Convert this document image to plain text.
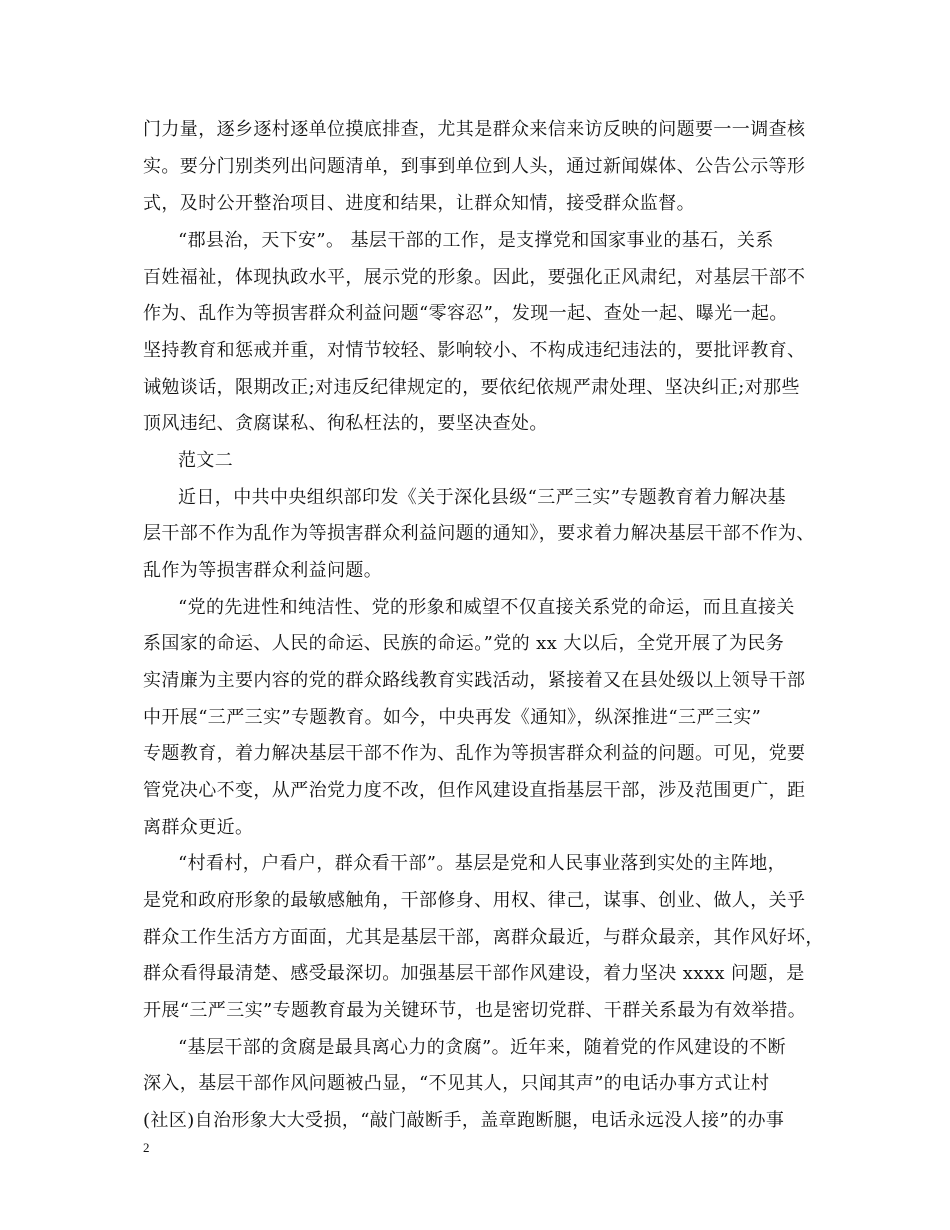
门力量，逐乡逐村逐单位摸底排查，尤其是群众来信来访反映的问题要一一调查核
实。要分门别类列出问题清单，到事到单位到人头，通过新闻媒体、公告公示等形
式，及时公开整治项目、进度和结果，让群众知情，接受群众监督。
“郡县治，天下安”。 基层干部的工作，是支撑党和国家事业的基石，关系
百姓福祉，体现执政水平，展示党的形象。因此，要强化正风肃纪，对基层干部不
作为、乱作为等损害群众利益问题“零容忍”，发现一起、查处一起、曝光一起。
坚持教育和惩戒并重，对情节较轻、影响较小、不构成违纪违法的，要批评教育、
诫勉谈话，限期改正;对违反纪律规定的，要依纪依规严肃处理、坚决纠正;对那些
顶风违纪、贪腐谋私、徇私枉法的，要坚决查处。
范文二
近日，中共中央组织部印发《关于深化县级“三严三实”专题教育着力解决基
层干部不作为乱作为等损害群众利益问题的通知》，要求着力解决基层干部不作为、
乱作为等损害群众利益问题。
“党的先进性和纯洁性、党的形象和威望不仅直接关系党的命运，而且直接关
系国家的命运、人民的命运、民族的命运。”党的 xx 大以后，全党开展了为民务
实清廉为主要内容的党的群众路线教育实践活动，紧接着又在县处级以上领导干部
中开展“三严三实”专题教育。如今，中央再发《通知》，纵深推进“三严三实”
专题教育，着力解决基层干部不作为、乱作为等损害群众利益的问题。可见，党要
管党决心不变，从严治党力度不改，但作风建设直指基层干部，涉及范围更广，距
离群众更近。
“村看村，户看户，群众看干部”。基层是党和人民事业落到实处的主阵地，
是党和政府形象的最敏感触角，干部修身、用权、律己，谋事、创业、做人，关乎
群众工作生活方方面面，尤其是基层干部，离群众最近，与群众最亲，其作风好坏，
群众看得最清楚、感受最深切。加强基层干部作风建设，着力坚决 xxxx 问题，是
开展“三严三实”专题教育最为关键环节，也是密切党群、干群关系最为有效举措。
“基层干部的贪腐是最具离心力的贪腐”。近年来，随着党的作风建设的不断
深入，基层干部作风问题被凸显，“不见其人，只闻其声”的电话办事方式让村
(社区)自治形象大大受损，“敲门敲断手，盖章跑断腿，电话永远没人接”的办事
2
